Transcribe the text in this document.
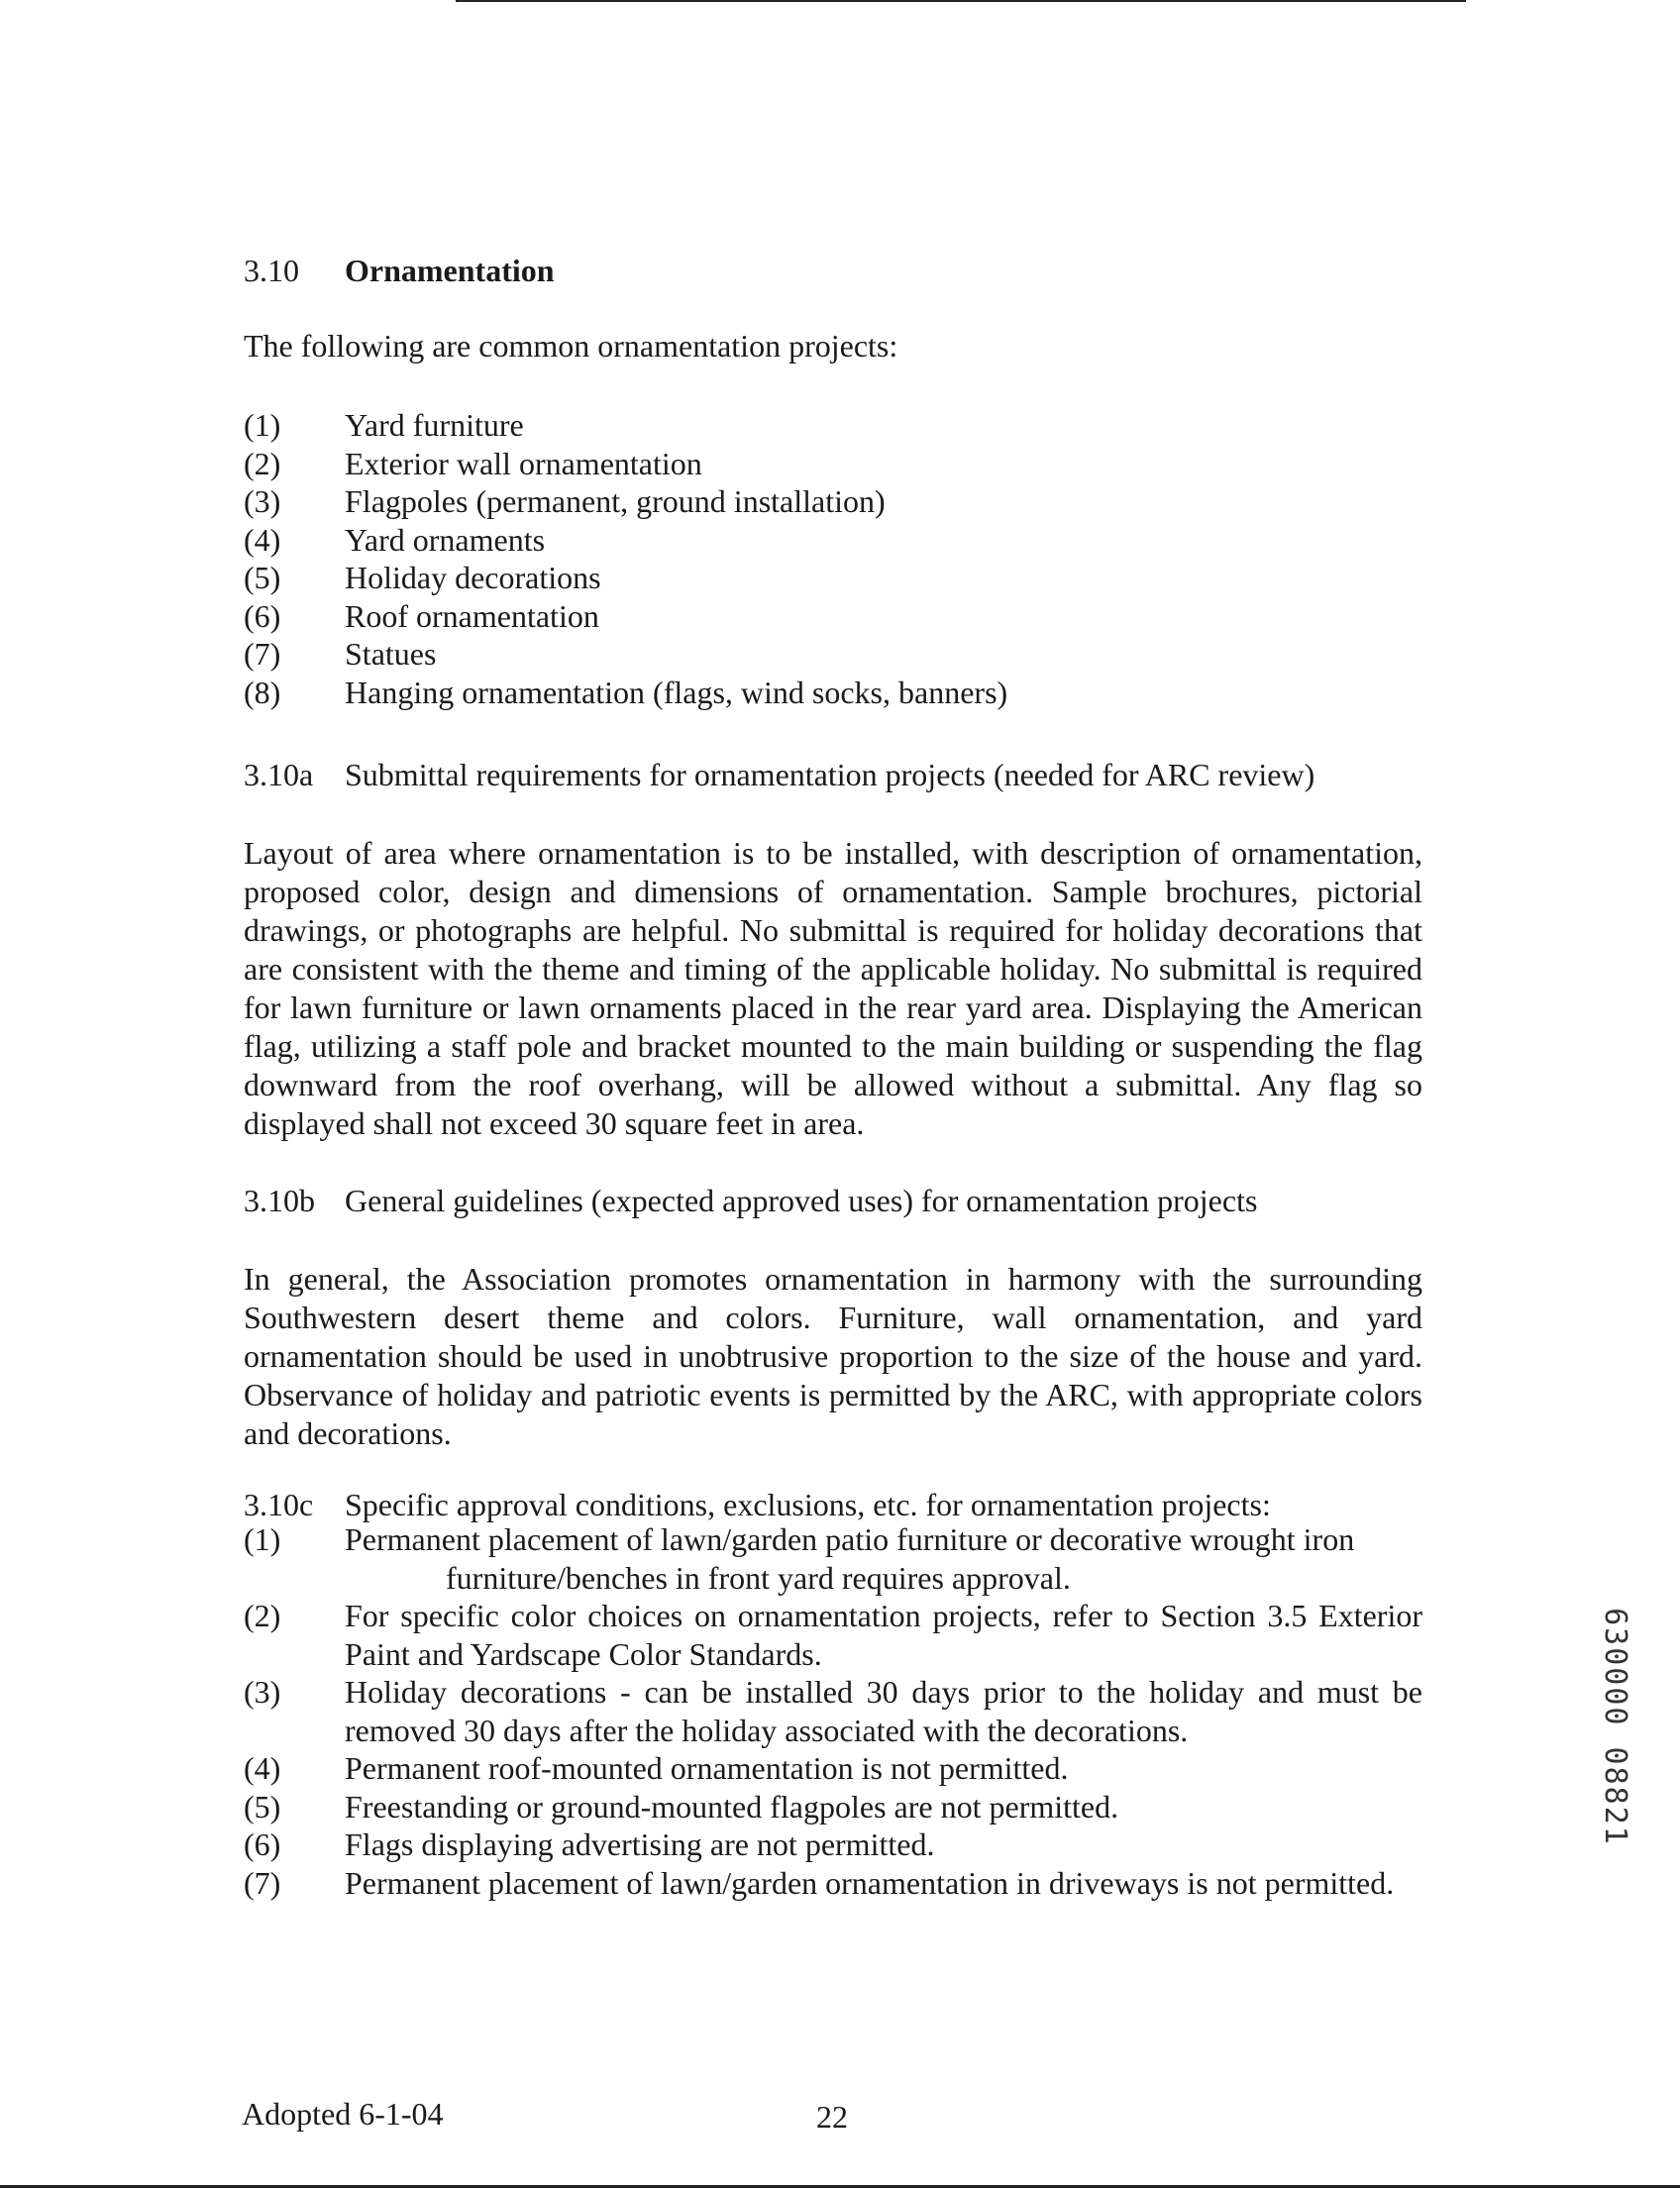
3.10 Ornamentation
The following are common ornamentation projects:
(1) Yard furniture
(2) Exterior wall ornamentation
(3) Flagpoles (permanent, ground installation)
(4) Yard ornaments
(5) Holiday decorations
(6) Roof ornamentation
(7) Statues
(8) Hanging ornamentation (flags, wind socks, banners)
3.10a Submittal requirements for ornamentation projects (needed for ARC review)
Layout of area where ornamentation is to be installed, with description of ornamentation, proposed color, design and dimensions of ornamentation. Sample brochures, pictorial drawings, or photographs are helpful. No submittal is required for holiday decorations that are consistent with the theme and timing of the applicable holiday. No submittal is required for lawn furniture or lawn ornaments placed in the rear yard area. Displaying the American flag, utilizing a staff pole and bracket mounted to the main building or suspending the flag downward from the roof overhang, will be allowed without a submittal. Any flag so displayed shall not exceed 30 square feet in area.
3.10b General guidelines (expected approved uses) for ornamentation projects
In general, the Association promotes ornamentation in harmony with the surrounding Southwestern desert theme and colors. Furniture, wall ornamentation, and yard ornamentation should be used in unobtrusive proportion to the size of the house and yard. Observance of holiday and patriotic events is permitted by the ARC, with appropriate colors and decorations.
3.10c Specific approval conditions, exclusions, etc. for ornamentation projects:
(1) Permanent placement of lawn/garden patio furniture or decorative wrought iron
furniture/benches in front yard requires approval.
(2) For specific color choices on ornamentation projects, refer to Section 3.5 Exterior Paint and Yardscape Color Standards.
(3) Holiday decorations - can be installed 30 days prior to the holiday and must be removed 30 days after the holiday associated with the decorations.
(4) Permanent roof-mounted ornamentation is not permitted.
(5) Freestanding or ground-mounted flagpoles are not permitted.
(6) Flags displaying advertising are not permitted.
(7) Permanent placement of lawn/garden ornamentation in driveways is not permitted.
630000 08821
Adopted 6-1-04	22
